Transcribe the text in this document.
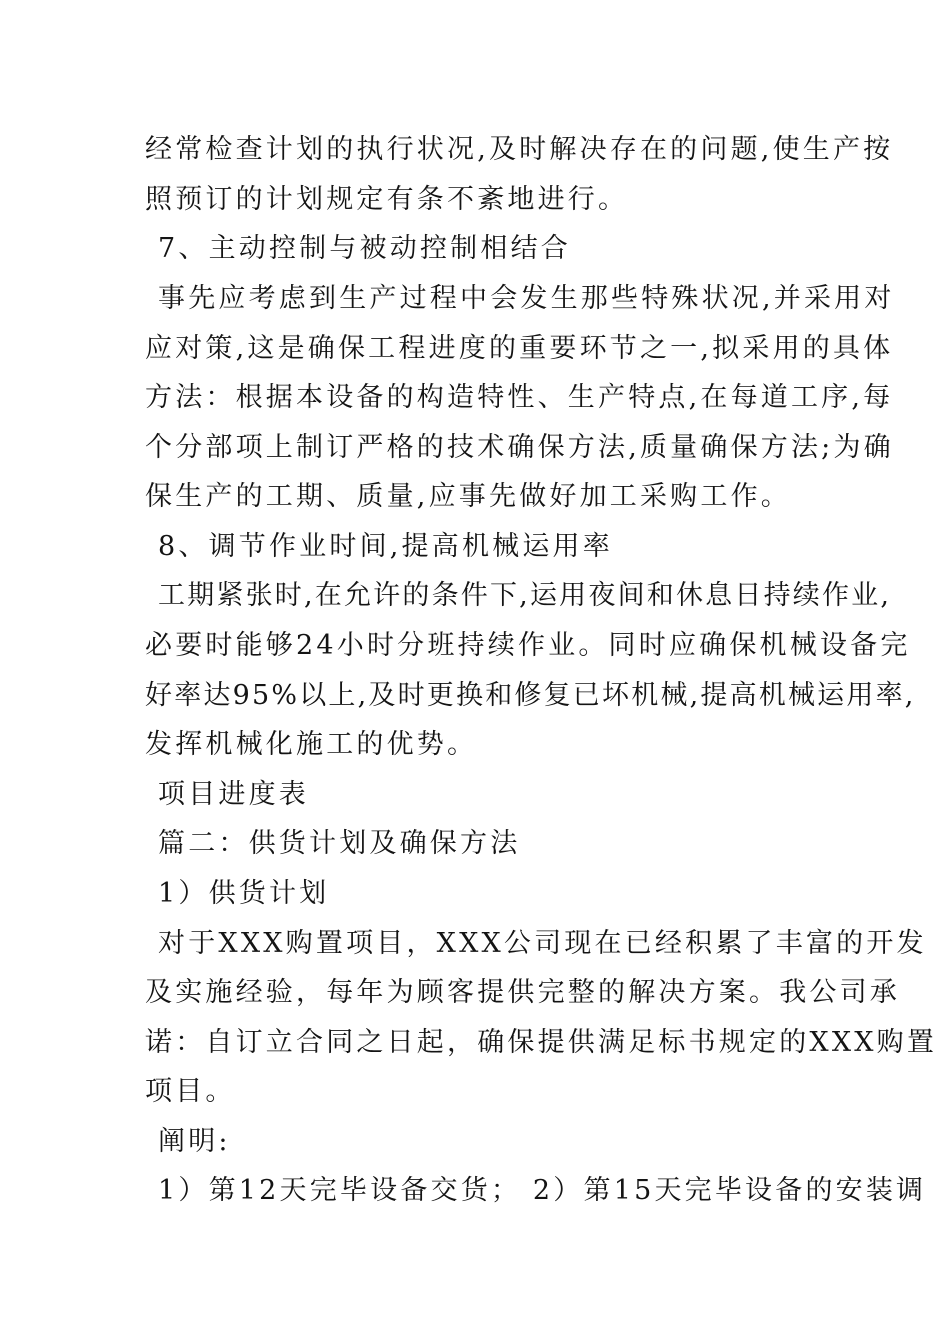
经常检查计划的执行状况,及时解决存在的问题,使生产按
照预订的计划规定有条不紊地进行。
7、主动控制与被动控制相结合
事先应考虑到生产过程中会发生那些特殊状况,并采用对
应对策,这是确保工程进度的重要环节之一,拟采用的具体
方法：根据本设备的构造特性、生产特点,在每道工序,每
个分部项上制订严格的技术确保方法,质量确保方法;为确
保生产的工期、质量,应事先做好加工采购工作。
8、调节作业时间,提高机械运用率
工期紧张时,在允许的条件下,运用夜间和休息日持续作业,
必要时能够24小时分班持续作业。同时应确保机械设备完
好率达95%以上,及时更换和修复已坏机械,提高机械运用率,
发挥机械化施工的优势。
项目进度表
篇二：供货计划及确保方法
1）供货计划
对于XXX购置项目，XXX公司现在已经积累了丰富的开发
及实施经验，每年为顾客提供完整的解决方案。我公司承
诺：自订立合同之日起，确保提供满足标书规定的XXX购置
项目。
阐明:
1）第12天完毕设备交货； 2）第15天完毕设备的安装调
